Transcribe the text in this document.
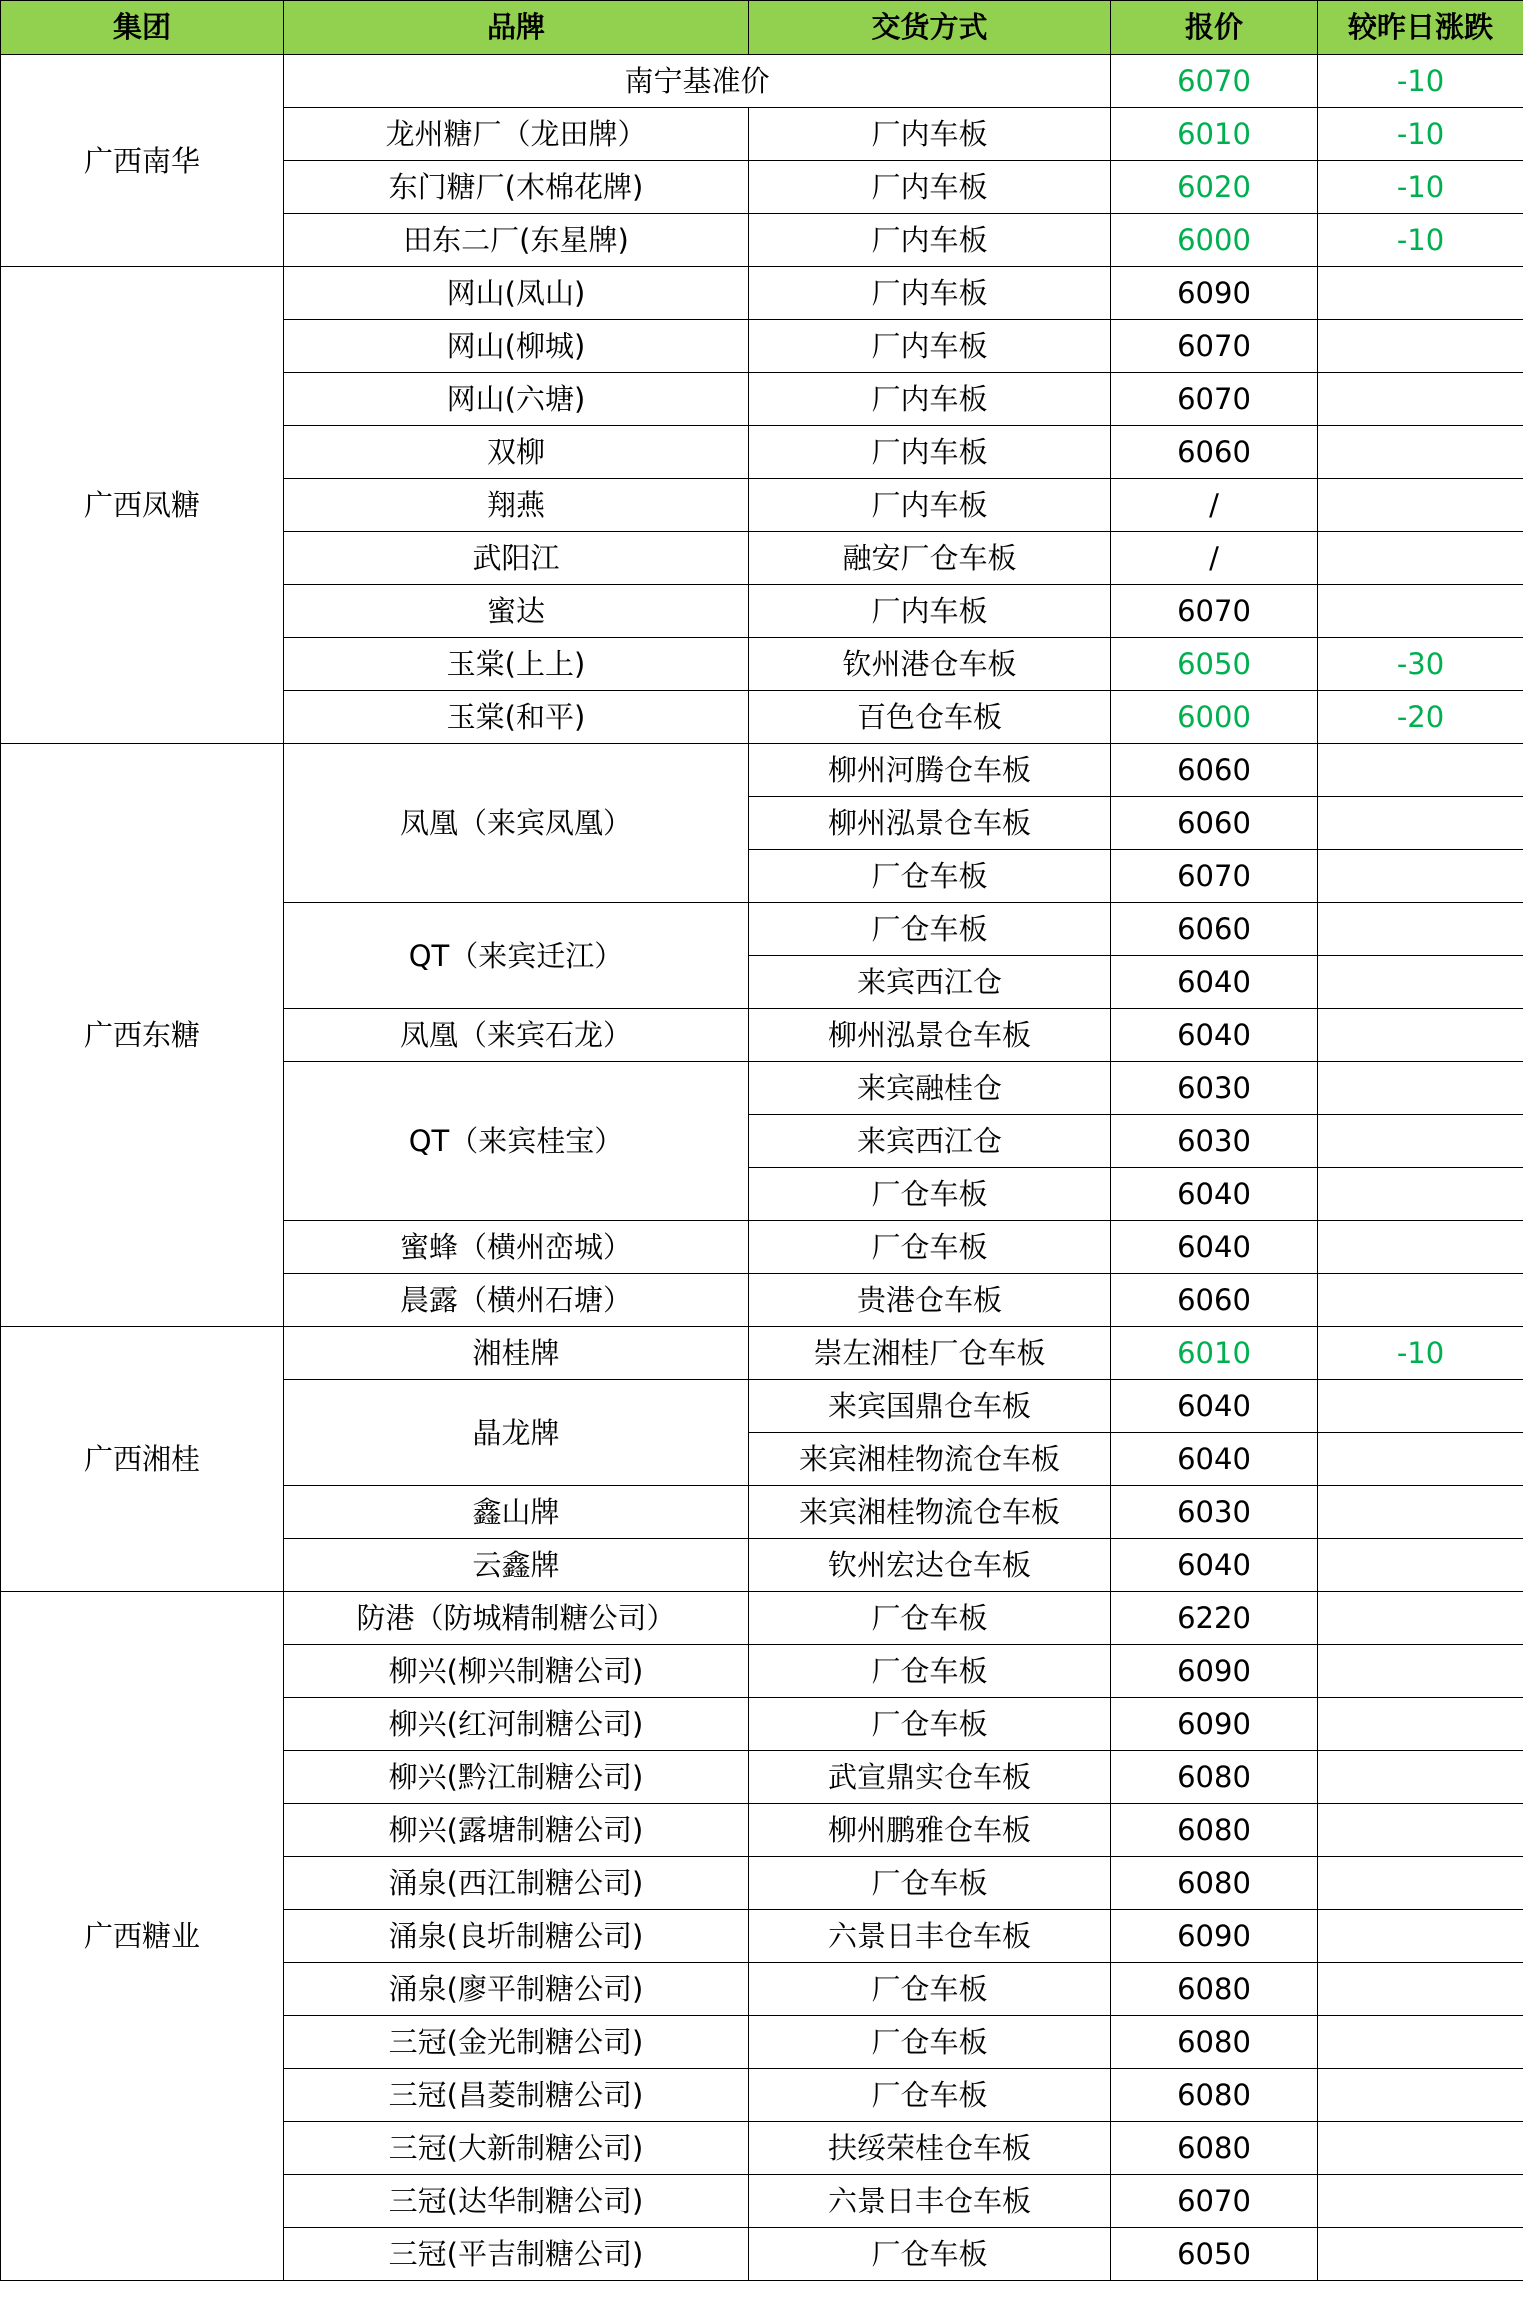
集团	品牌	交货方式	报价	较昨日涨跌
广西南华	南宁基准价		6070	-10
	龙州糖厂（龙田牌）	厂内车板	6010	-10
	东门糖厂(木棉花牌)	厂内车板	6020	-10
	田东二厂(东星牌)	厂内车板	6000	-10
广西凤糖	网山(凤山)	厂内车板	6090	
	网山(柳城)	厂内车板	6070	
	网山(六塘)	厂内车板	6070	
	双柳	厂内车板	6060	
	翔燕	厂内车板	/	
	武阳江	融安厂仓车板	/	
	蜜达	厂内车板	6070	
	玉棠(上上)	钦州港仓车板	6050	-30
	玉棠(和平)	百色仓车板	6000	-20
广西东糖	凤凰（来宾凤凰）	柳州河腾仓车板	6060	
		柳州泓景仓车板	6060	
		厂仓车板	6070	
	QT（来宾迁江）	厂仓车板	6060	
		来宾西江仓	6040	
	凤凰（来宾石龙）	柳州泓景仓车板	6040	
	QT（来宾桂宝）	来宾融桂仓	6030	
		来宾西江仓	6030	
		厂仓车板	6040	
	蜜蜂（横州峦城）	厂仓车板	6040	
	晨露（横州石塘）	贵港仓车板	6060	
广西湘桂	湘桂牌	崇左湘桂厂仓车板	6010	-10
	晶龙牌	来宾国鼎仓车板	6040	
		来宾湘桂物流仓车板	6040	
	鑫山牌	来宾湘桂物流仓车板	6030	
	云鑫牌	钦州宏达仓车板	6040	
广西糖业	防港（防城精制糖公司）	厂仓车板	6220	
	柳兴(柳兴制糖公司)	厂仓车板	6090	
	柳兴(红河制糖公司)	厂仓车板	6090	
	柳兴(黔江制糖公司)	武宣鼎实仓车板	6080	
	柳兴(露塘制糖公司)	柳州鹏雅仓车板	6080	
	涌泉(西江制糖公司)	厂仓车板	6080	
	涌泉(良圻制糖公司)	六景日丰仓车板	6090	
	涌泉(廖平制糖公司)	厂仓车板	6080	
	三冠(金光制糖公司)	厂仓车板	6080	
	三冠(昌菱制糖公司)	厂仓车板	6080	
	三冠(大新制糖公司)	扶绥荣桂仓车板	6080	
	三冠(达华制糖公司)	六景日丰仓车板	6070	
	三冠(平吉制糖公司)	厂仓车板	6050	
